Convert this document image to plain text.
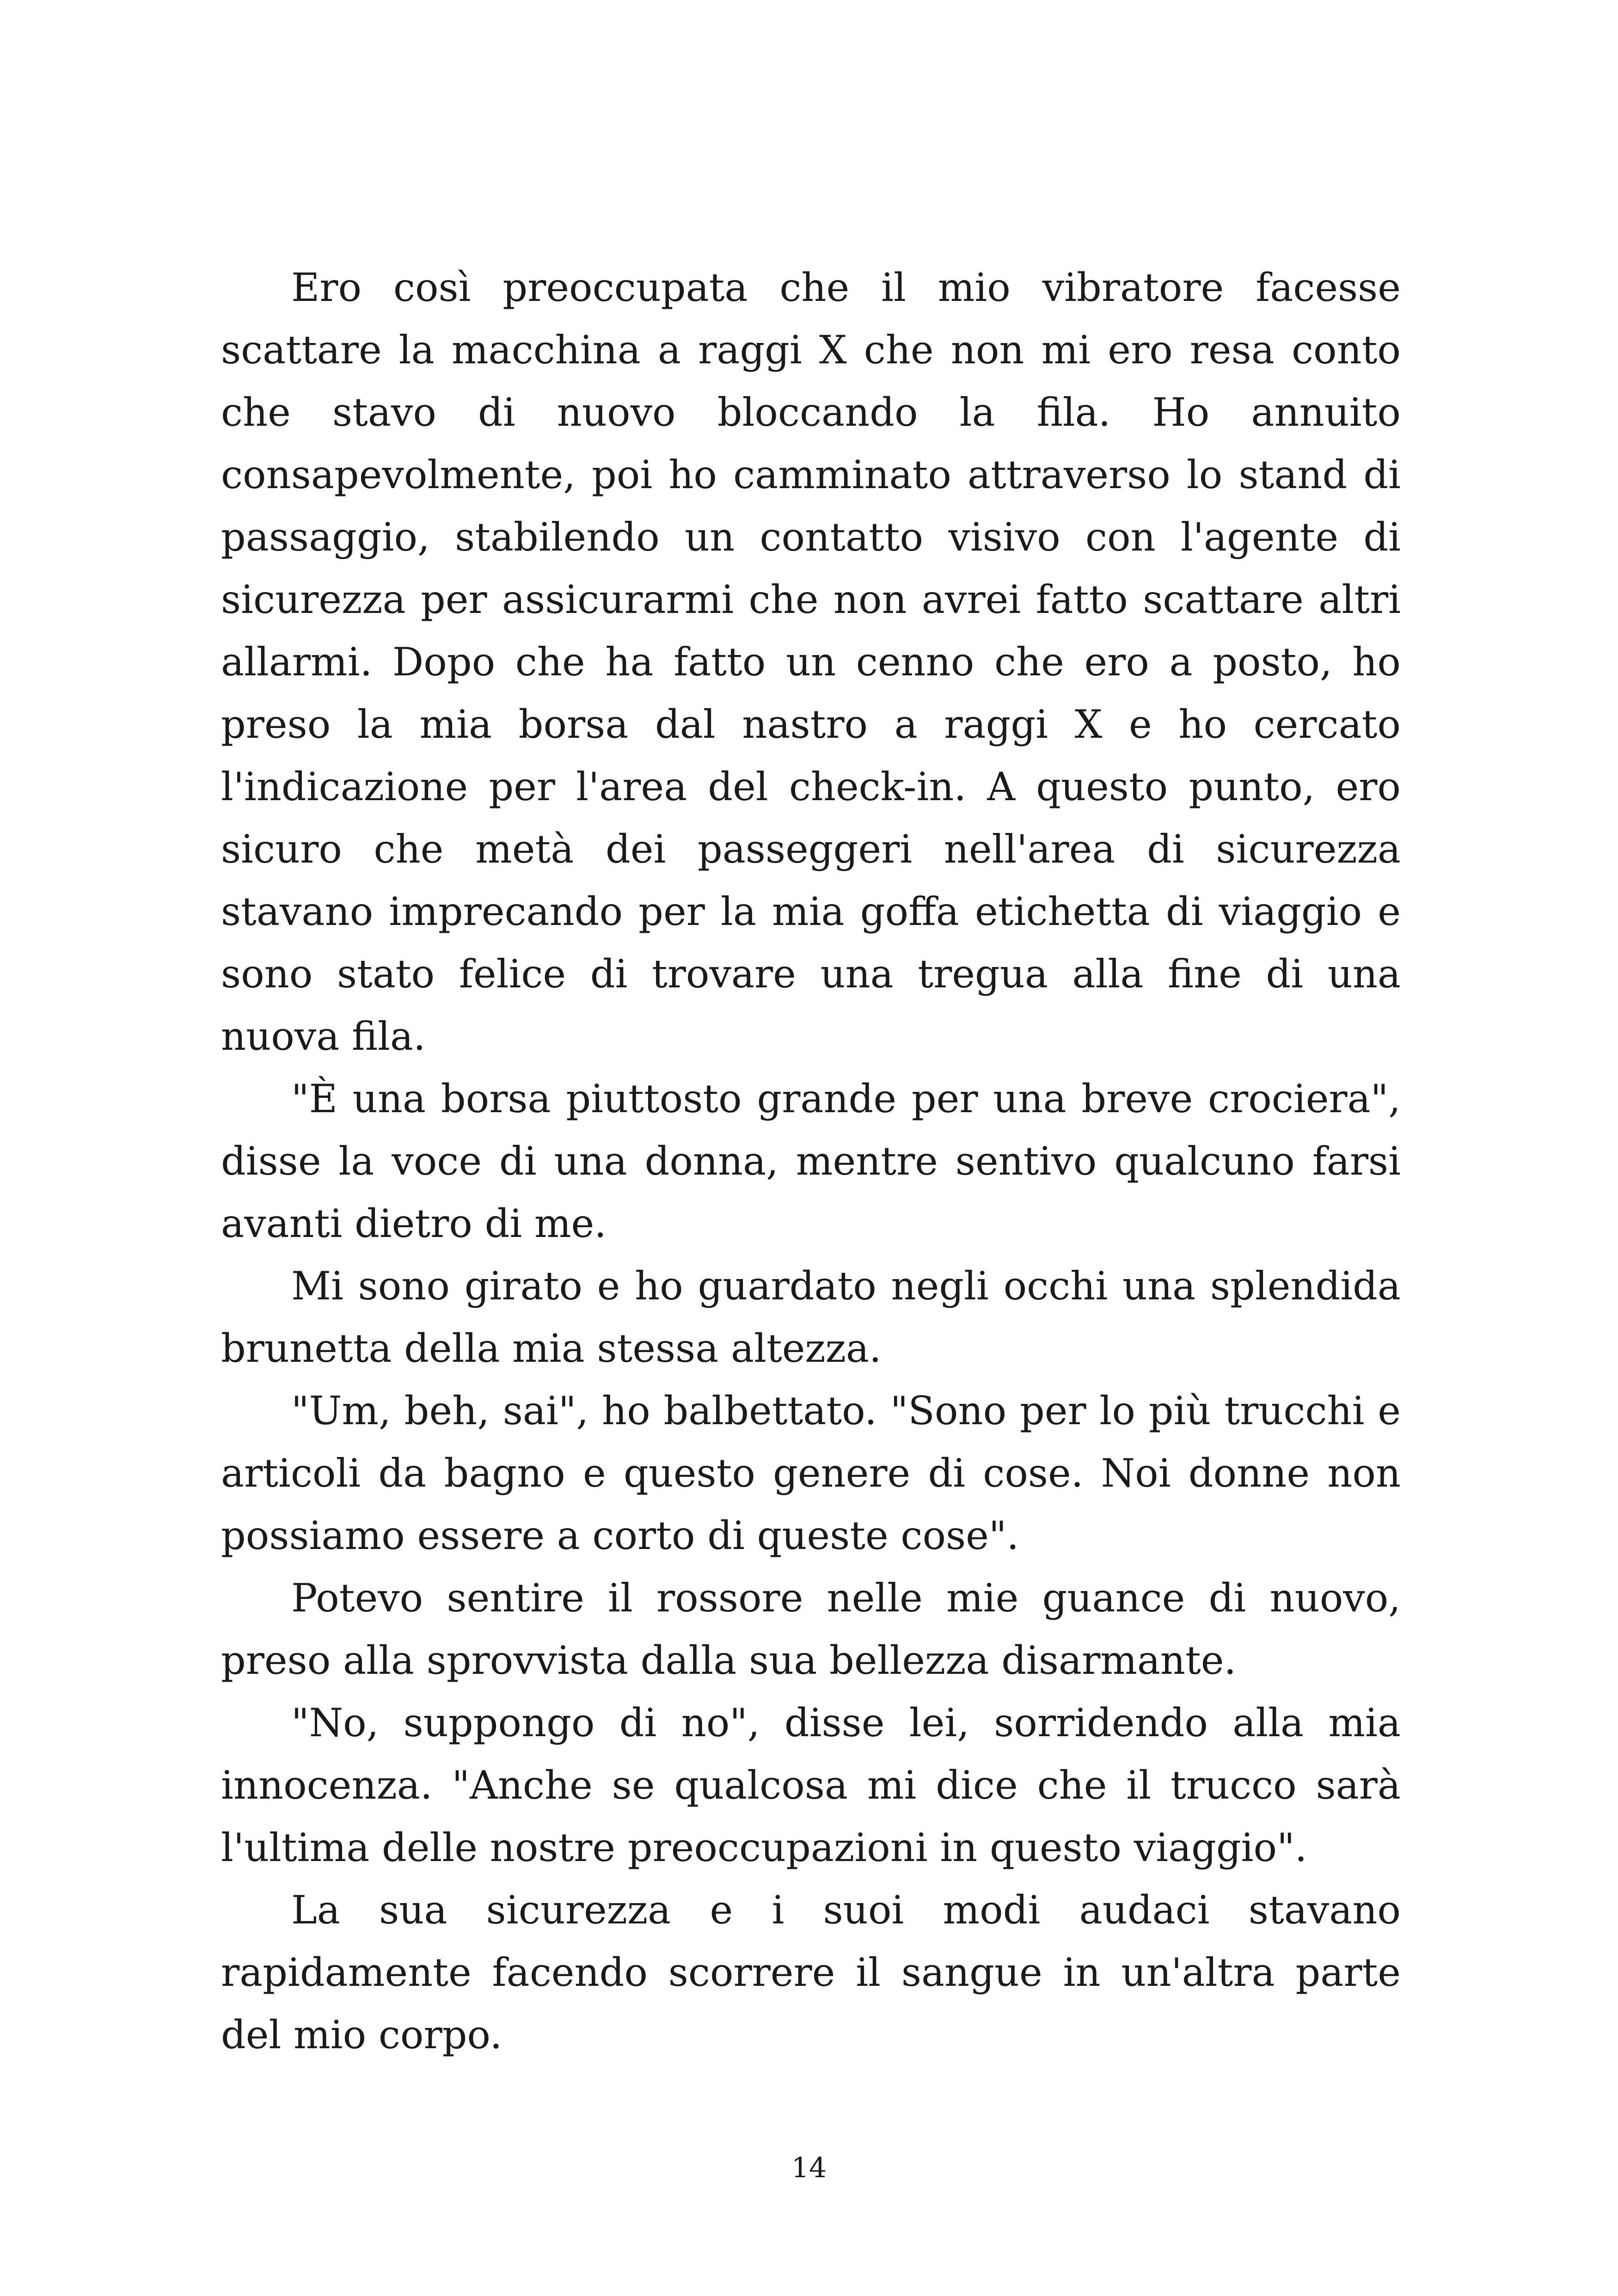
Ero così preoccupata che il mio vibratore facesse scattare la macchina a raggi X che non mi ero resa conto che stavo di nuovo bloccando la fila. Ho annuito consapevolmente, poi ho camminato attraverso lo stand di passaggio, stabilendo un contatto visivo con l'agente di sicurezza per assicurarmi che non avrei fatto scattare altri allarmi. Dopo che ha fatto un cenno che ero a posto, ho preso la mia borsa dal nastro a raggi X e ho cercato l'indicazione per l'area del check-in. A questo punto, ero sicuro che metà dei passeggeri nell'area di sicurezza stavano imprecando per la mia goffa etichetta di viaggio e sono stato felice di trovare una tregua alla fine di una nuova fila.

"È una borsa piuttosto grande per una breve crociera", disse la voce di una donna, mentre sentivo qualcuno farsi avanti dietro di me.

Mi sono girato e ho guardato negli occhi una splendida brunetta della mia stessa altezza.

"Um, beh, sai", ho balbettato. "Sono per lo più trucchi e articoli da bagno e questo genere di cose. Noi donne non possiamo essere a corto di queste cose".

Potevo sentire il rossore nelle mie guance di nuovo, preso alla sprovvista dalla sua bellezza disarmante.

"No, suppongo di no", disse lei, sorridendo alla mia innocenza. "Anche se qualcosa mi dice che il trucco sarà l'ultima delle nostre preoccupazioni in questo viaggio".

La sua sicurezza e i suoi modi audaci stavano rapidamente facendo scorrere il sangue in un'altra parte del mio corpo.

14
